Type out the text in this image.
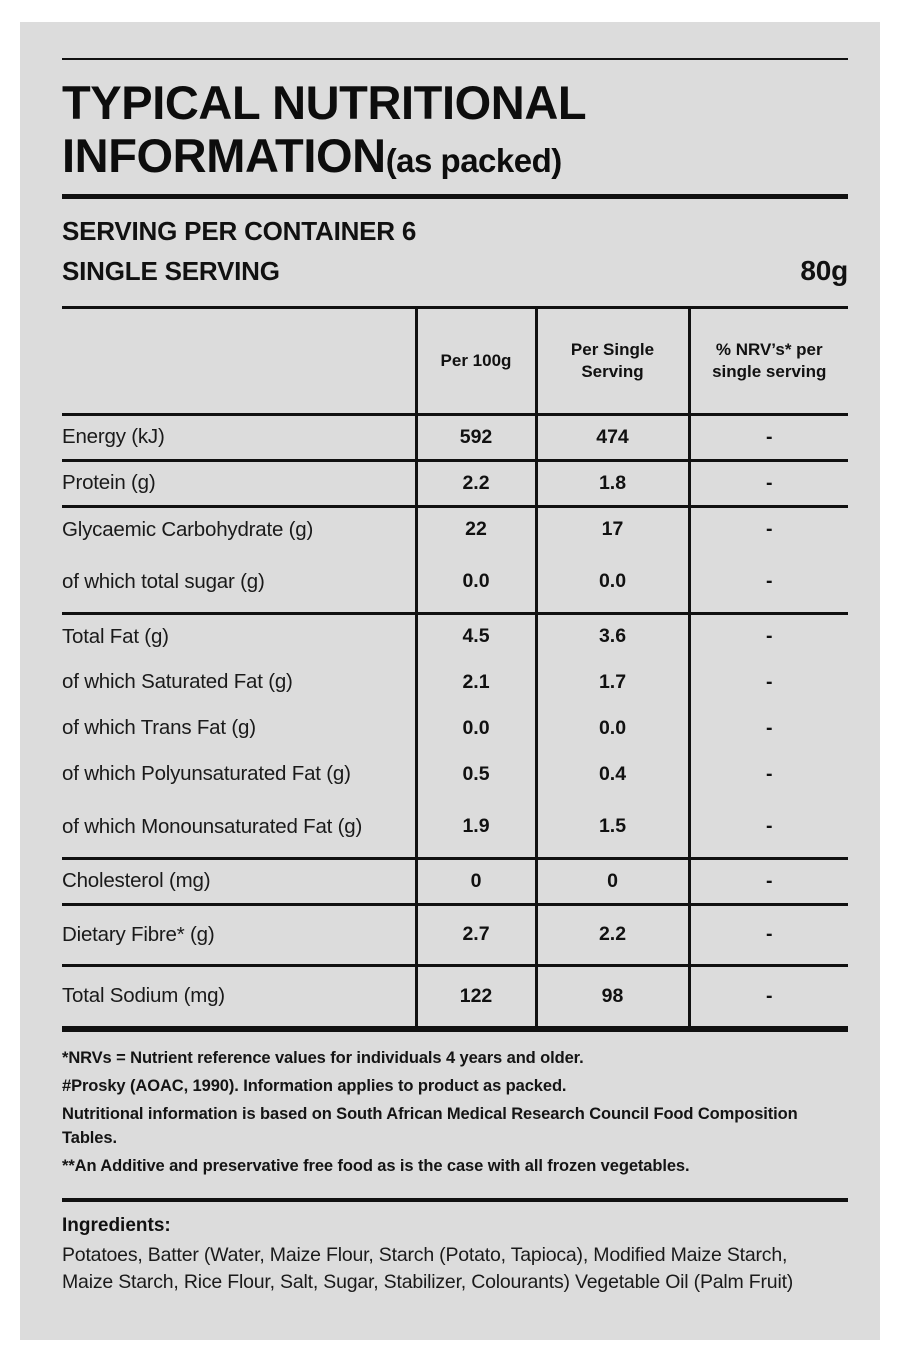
TYPICAL NUTRITIONAL
INFORMATION(as packed)
SERVING PER CONTAINER 6
SINGLE SERVING	80g
	Per 100g	Per Single Serving	% NRV’s* per single serving
Energy (kJ)	592	474	-
Protein (g)	2.2	1.8	-
Glycaemic Carbohydrate (g)	22	17	-
of which total sugar (g)	0.0	0.0	-
Total Fat (g)	4.5	3.6	-
of which Saturated Fat (g)	2.1	1.7	-
of which Trans Fat (g)	0.0	0.0	-
of which Polyunsaturated Fat (g)	0.5	0.4	-
of which Monounsaturated Fat (g)	1.9	1.5	-
Cholesterol (mg)	0	0	-
Dietary Fibre* (g)	2.7	2.2	-
Total Sodium (mg)	122	98	-

*NRVs = Nutrient reference values for individuals 4 years and older.

#Prosky (AOAC, 1990). Information applies to product as packed.

Nutritional information is based on South African Medical Research Council Food Composition Tables.

**An Additive and preservative free food as is the case with all frozen vegetables.

Ingredients:

Potatoes, Batter (Water, Maize Flour, Starch (Potato, Tapioca), Modified Maize Starch,

Maize Starch, Rice Flour, Salt, Sugar, Stabilizer, Colourants) Vegetable Oil (Palm Fruit)
